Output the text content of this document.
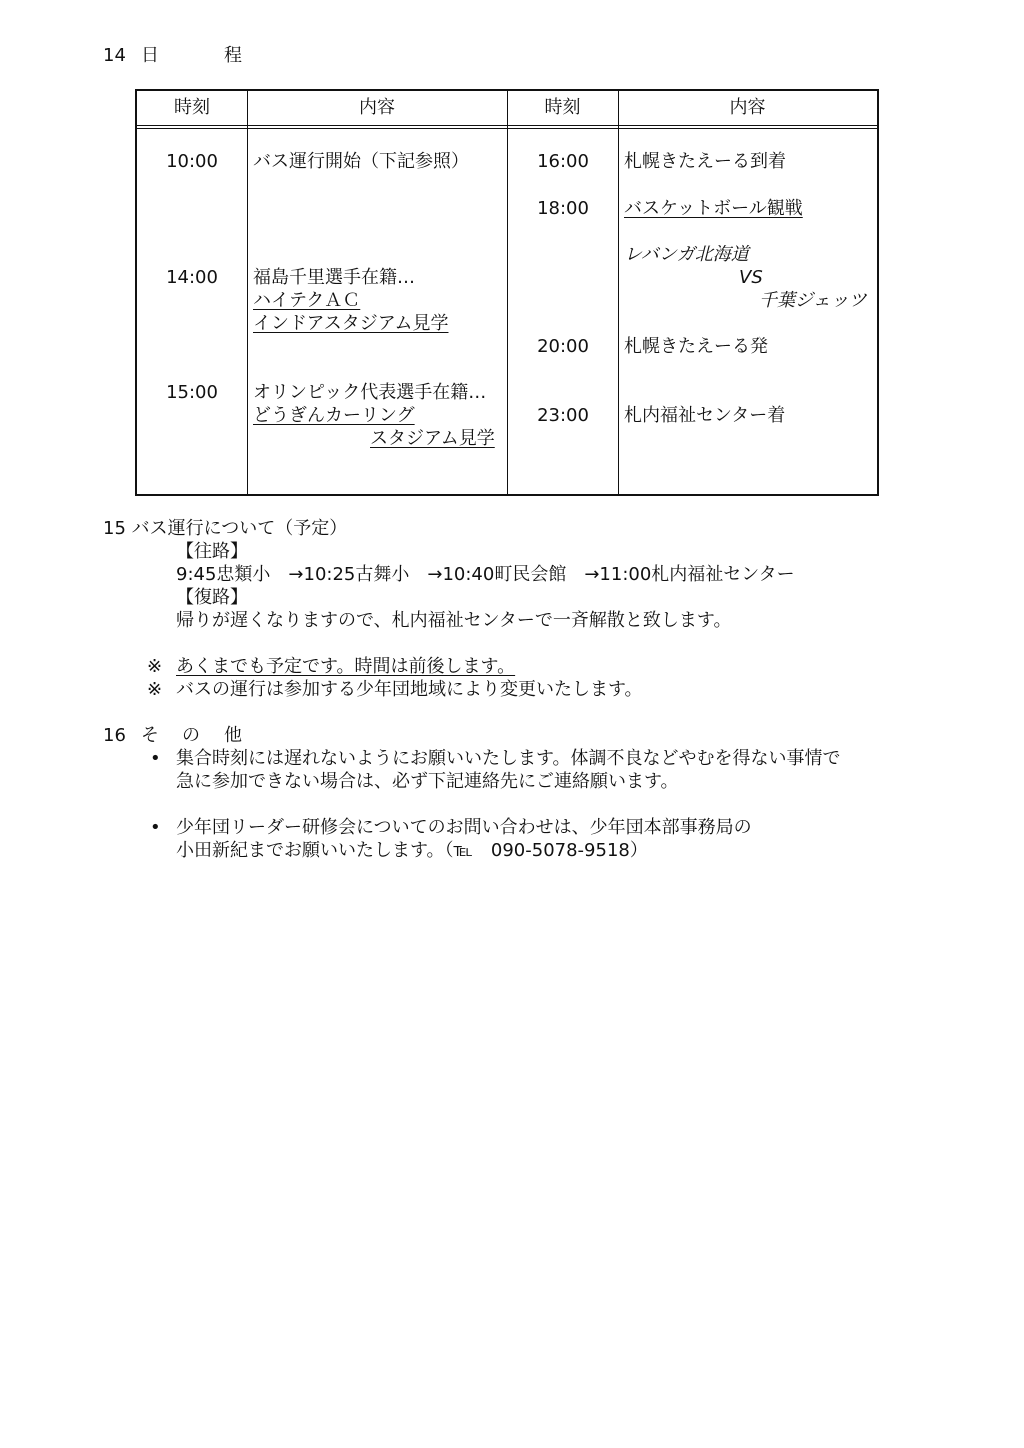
14 日	程
時刻	内容	時刻	内容
10:00	バス運行開始（下記参照）
14:00	福島千里選手在籍…
ハイテクＡＣ
インドアスタジアム見学
15:00	オリンピック代表選手在籍…
どうぎんカーリング
スタジアム見学
16:00	札幌きたえーる到着
18:00	バスケットボール観戦
レバンガ北海道
VS
千葉ジェッツ
20:00	札幌きたえーる発
23:00	札内福祉センター着
15 バス運行について（予定）
【往路】
9:45忠類小　→10:25古舞小　→10:40町民会館　→11:00札内福祉センター
【復路】
帰りが遅くなりますので、札内福祉センターで一斉解散と致します。
※ あくまでも予定です。時間は前後します。
※ バスの運行は参加する少年団地域により変更いたします。
16 そ の 他
• 集合時刻には遅れないようにお願いいたします。体調不良などやむを得ない事情で
急に参加できない場合は、必ず下記連絡先にご連絡願います。
• 少年団リーダー研修会についてのお問い合わせは、少年団本部事務局の
小田新紀までお願いいたします。（℡　090-5078-9518）
